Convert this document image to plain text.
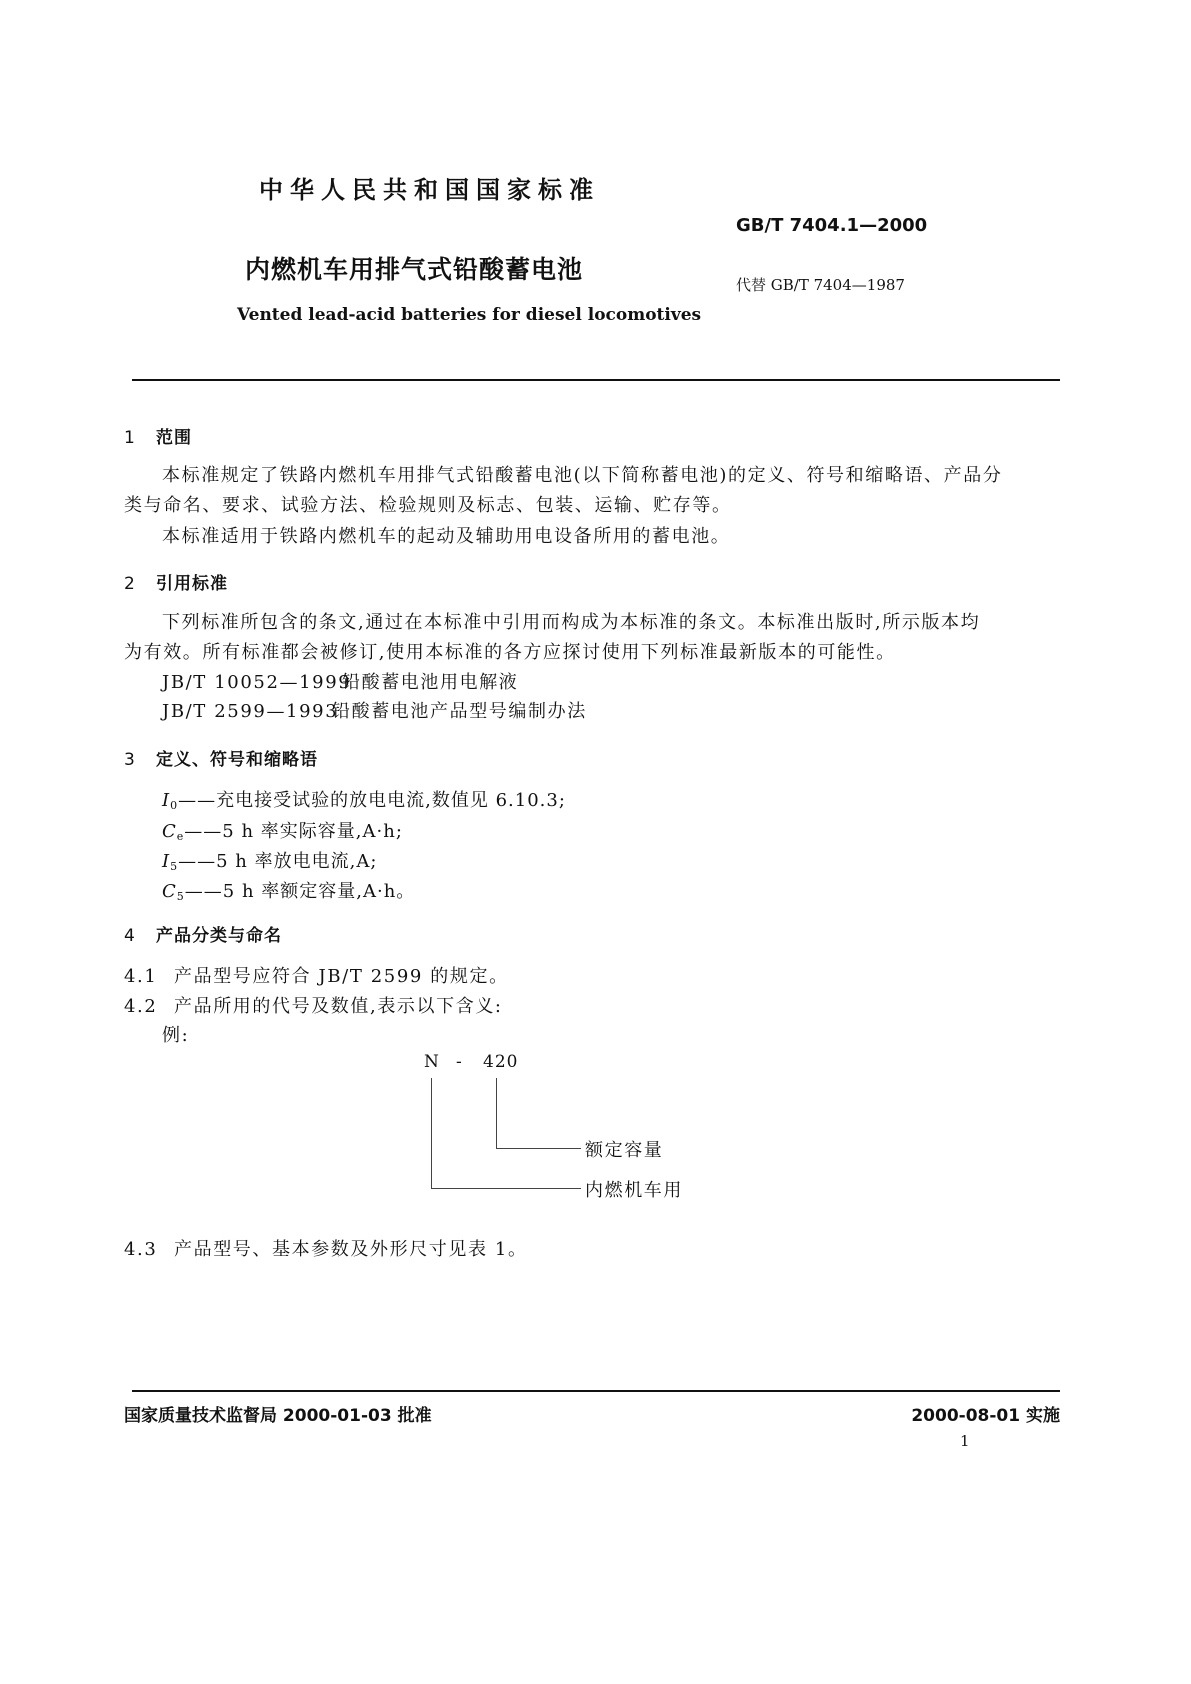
中华人民共和国国家标准
GB/T 7404.1—2000
内燃机车用排气式铅酸蓄电池
代替 GB/T 7404—1987
Vented lead-acid batteries for diesel locomotives
1 范围
本标准规定了铁路内燃机车用排气式铅酸蓄电池(以下简称蓄电池)的定义、符号和缩略语、产品分
类与命名、要求、试验方法、检验规则及标志、包装、运输、贮存等。
本标准适用于铁路内燃机车的起动及辅助用电设备所用的蓄电池。
2 引用标准
下列标准所包含的条文,通过在本标准中引用而构成为本标准的条文。本标准出版时,所示版本均
为有效。所有标准都会被修订,使用本标准的各方应探讨使用下列标准最新版本的可能性。
JB/T 10052—1999铅酸蓄电池用电解液
JB/T 2599—1993铅酸蓄电池产品型号编制办法
3 定义、符号和缩略语
$I_0——$充电接受试验的放电电流,数值见 6.10.3;
$C_e——5$ h 率实际容量,A·h;
$I_5——5$ h 率放电电流,A;
$C_5——5$ h 率额定容量,A·h。
4 产品分类与命名
4.1 产品型号应符合 JB/T 2599 的规定。
4.2 产品所用的代号及数值,表示以下含义:
例:
N - 420
额定容量
内燃机车用
4.3 产品型号、基本参数及外形尺寸见表 1。
国家质量技术监督局 2000-01-03 批准	2000-08-01 实施
1
